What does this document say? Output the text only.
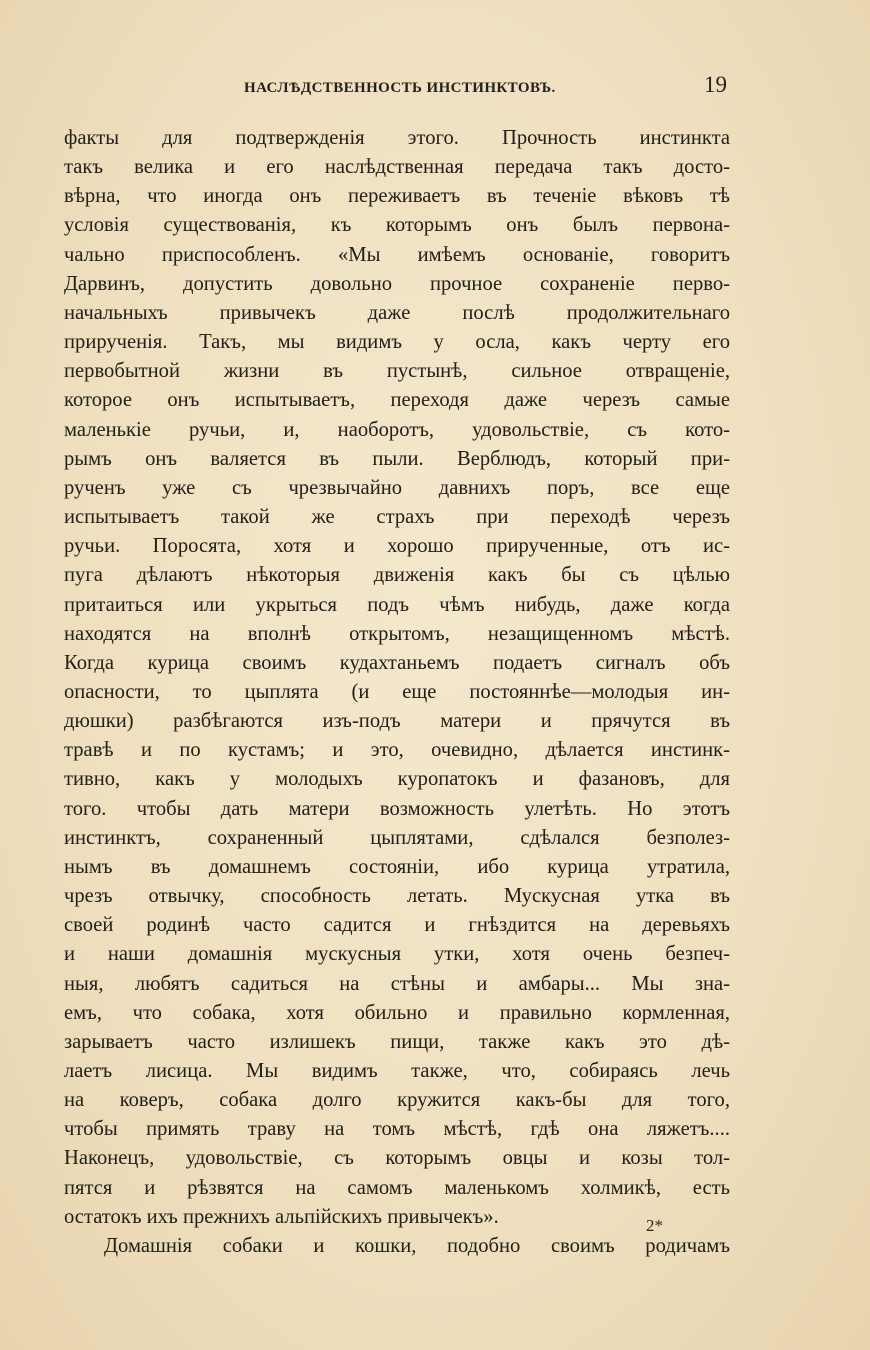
НАСЛѢДСТВЕННОСТЬ ИНСТИНКТОВЪ.	19
факты для подтвержденія этого. Прочность инстинкта
такъ велика и его наслѣдственная передача такъ досто-
вѣрна, что иногда онъ переживаетъ въ теченіе вѣковъ тѣ
условія существованія, къ которымъ онъ былъ первона-
чально приспособленъ. «Мы имѣемъ основаніе, говоритъ
Дарвинъ, допустить довольно прочное сохраненіе перво-
начальныхъ привычекъ даже послѣ продолжительнаго
прирученія. Такъ, мы видимъ у осла, какъ черту его
первобытной жизни въ пустынѣ, сильное отвращеніе,
которое онъ испытываетъ, переходя даже черезъ самые
маленькіе ручьи, и, наоборотъ, удовольствіе, съ кото-
рымъ онъ валяется въ пыли. Верблюдъ, который при-
рученъ уже съ чрезвычайно давнихъ поръ, все еще
испытываетъ такой же страхъ при переходѣ черезъ
ручьи. Поросята, хотя и хорошо прирученные, отъ ис-
пуга дѣлаютъ нѣкоторыя движенія какъ бы съ цѣлью
притаиться или укрыться подъ чѣмъ нибудь, даже когда
находятся на вполнѣ открытомъ, незащищенномъ мѣстѣ.
Когда курица своимъ кудахтаньемъ подаетъ сигналъ объ
опасности, то цыплята (и еще постояннѣе—молодыя ин-
дюшки) разбѣгаются изъ-подъ матери и прячутся въ
травѣ и по кустамъ; и это, очевидно, дѣлается инстинк-
тивно, какъ у молодыхъ куропатокъ и фазановъ, для
того. чтобы дать матери возможность улетѣть. Но этотъ
инстинктъ, сохраненный цыплятами, сдѣлался безполез-
нымъ въ домашнемъ состояніи, ибо курица утратила,
чрезъ отвычку, способность летать. Мускусная утка въ
своей родинѣ часто садится и гнѣздится на деревьяхъ
и наши домашнія мускусныя утки, хотя очень безпеч-
ныя, любятъ садиться на стѣны и амбары... Мы зна-
емъ, что собака, хотя обильно и правильно кормленная,
зарываетъ часто излишекъ пищи, также какъ это дѣ-
лаетъ лисица. Мы видимъ также, что, собираясь лечь
на коверъ, собака долго кружится какъ-бы для того,
чтобы примять траву на томъ мѣстѣ, гдѣ она ляжетъ....
Наконецъ, удовольствіе, съ которымъ овцы и козы тол-
пятся и рѣзвятся на самомъ маленькомъ холмикѣ, есть
остатокъ ихъ прежнихъ альпійскихъ привычекъ».
Домашнія собаки и кошки, подобно своимъ родичамъ
2*
